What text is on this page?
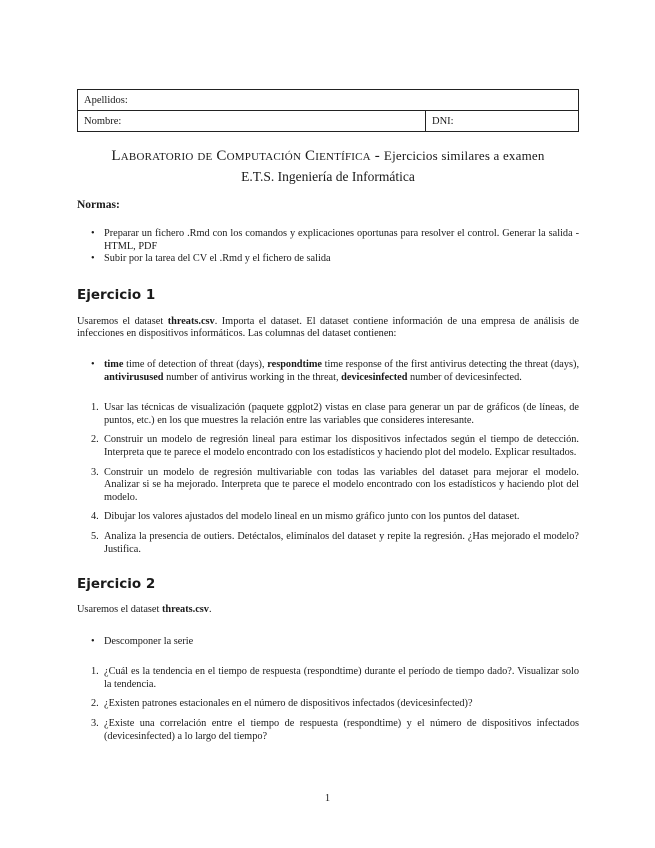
Apellidos:
Nombre:	DNI:
Laboratorio de Computación Científica - Ejercicios similares a examen
E.T.S. Ingeniería de Informática
Normas:
• Preparar un fichero .Rmd con los comandos y explicaciones oportunas para resolver el control. Generar la salida - HTML, PDF
• Subir por la tarea del CV el .Rmd y el fichero de salida
Ejercicio 1

Usaremos el dataset threats.csv. Importa el dataset. El dataset contiene información de una empresa de análisis de infecciones en dispositivos informáticos. Las columnas del dataset contienen:

• time time of detection of threat (days), respondtime time response of the first antivirus detecting the threat (days), antivirusused number of antivirus working in the threat, devicesinfected number of devicesinfected.
1. Usar las técnicas de visualización (paquete ggplot2) vistas en clase para generar un par de gráficos (de líneas, de puntos, etc.) en los que muestres la relación entre las variables que consideres interesante.
2. Construir un modelo de regresión lineal para estimar los dispositivos infectados según el tiempo de detección. Interpreta que te parece el modelo encontrado con los estadísticos y haciendo plot del modelo. Explicar resultados.
3. Construir un modelo de regresión multivariable con todas las variables del dataset para mejorar el modelo. Analizar si se ha mejorado. Interpreta que te parece el modelo encontrado con los estadísticos y haciendo plot del modelo.
4. Dibujar los valores ajustados del modelo lineal en un mismo gráfico junto con los puntos del dataset.
5. Analiza la presencia de outiers. Detéctalos, elimínalos del dataset y repite la regresión. ¿Has mejorado el modelo? Justifica.
Ejercicio 2

Usaremos el dataset threats.csv.

• Descomponer la serie
1. ¿Cuál es la tendencia en el tiempo de respuesta (respondtime) durante el período de tiempo dado?. Visualizar solo la tendencia.
2. ¿Existen patrones estacionales en el número de dispositivos infectados (devicesinfected)?
3. ¿Existe una correlación entre el tiempo de respuesta (respondtime) y el número de dispositivos infectados (devicesinfected) a lo largo del tiempo?
1
